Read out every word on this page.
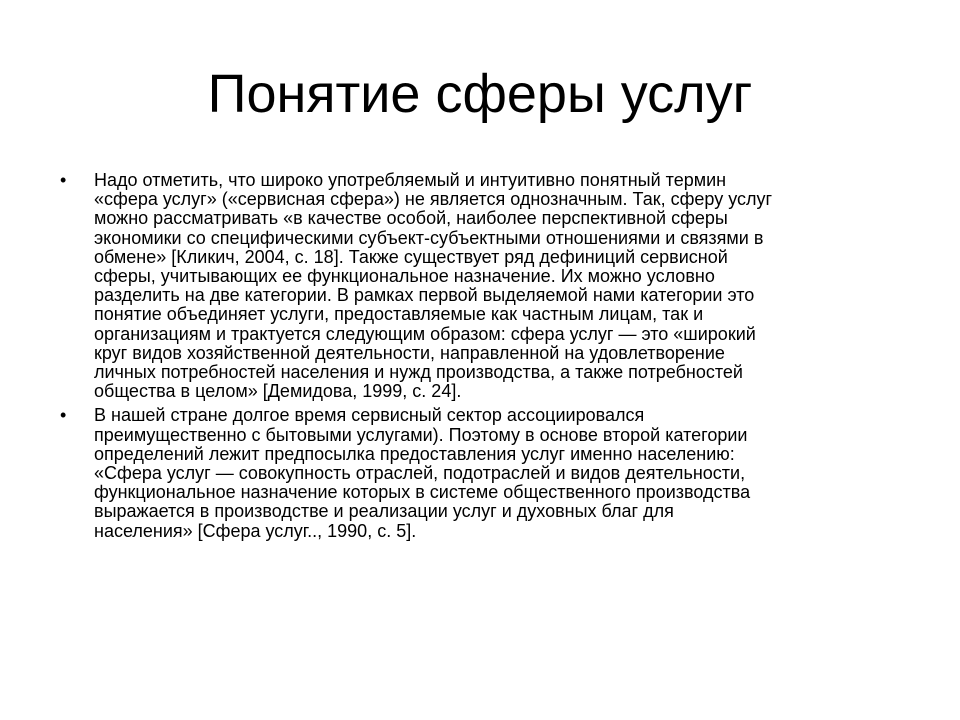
Понятие сферы услуг
•
Надо отметить, что широко употребляемый и интуитивно понятный термин
«сфера услуг» («сервисная сфера») не является однозначным. Так, сферу услуг
можно рассматривать «в качестве особой, наиболее перспективной сферы
экономики со специфическими субъект-субъектными отношениями и связями в
обмене» [Кликич, 2004, с. 18]. Также существует ряд дефиниций сервисной
сферы, учитывающих ее функциональное назначение. Их можно условно
разделить на две категории. В рамках первой выделяемой нами категории это
понятие объединяет услуги, предоставляемые как частным лицам, так и
организациям и трактуется следующим образом: сфера услуг — это «широкий
круг видов хозяйственной деятельности, направленной на удовлетворение
личных потребностей населения и нужд производства, а также потребностей
общества в целом» [Демидова, 1999, с. 24].
•
В нашей стране долгое время сервисный сектор ассоциировался
преимущественно с бытовыми услугами). Поэтому в основе второй категории
определений лежит предпосылка предоставления услуг именно населению:
«Сфера услуг — совокупность отраслей, подотраслей и видов деятельности,
функциональное назначение которых в системе общественного производства
выражается в производстве и реализации услуг и духовных благ для
населения» [Сфера услуг.., 1990, с. 5].
